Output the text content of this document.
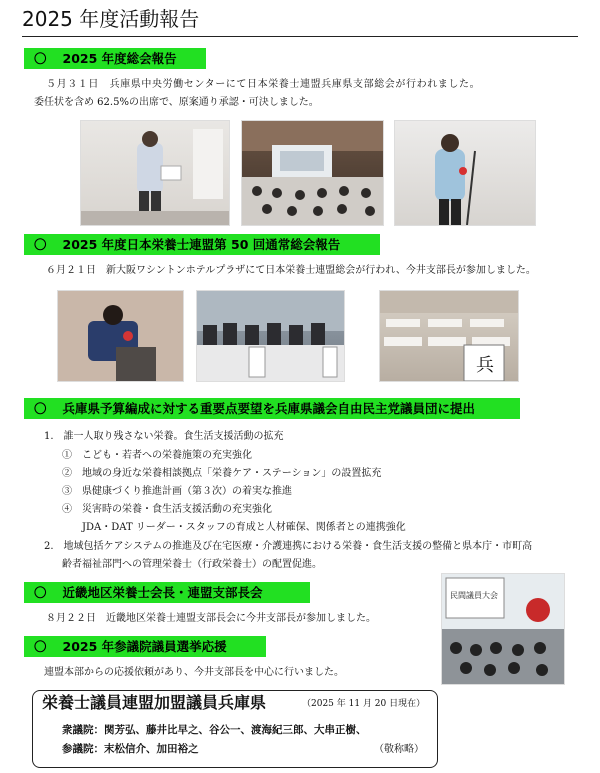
2025 年度活動報告
〇 2025 年度総会報告
５月３１日　兵庫県中央労働センターにて日本栄養士連盟兵庫県支部総会が行われました。
委任状を含め 62.5%の出席で、原案通り承認・可決しました。
〇 2025 年度日本栄養士連盟第 50 回通常総会報告
６月２１日　新大阪ワシントンホテルプラザにて日本栄養士連盟総会が行われ、今井支部長が参加しました。
兵
〇 兵庫県予算編成に対する重要点要望を兵庫県議会自由民主党議員団に提出
1.　誰一人取り残さない栄養。食生活支援活動の拡充
①　こども・若者への栄養施策の充実強化
②　地域の身近な栄養相談拠点「栄養ケア・ステーション」の設置拡充
③　県健康づくり推進計画（第３次）の着実な推進
④　災害時の栄養・食生活支援活動の充実強化
JDA・DAT リーダー・スタッフの育成と人材確保、関係者との連携強化
2.　地域包括ケアシステムの推進及び在宅医療・介護連携における栄養・食生活支援の整備と県本庁・市町高
齢者福祉部門への管理栄養士（行政栄養士）の配置促進。
〇 近畿地区栄養士会長・連盟支部長会
８月２２日　近畿地区栄養士連盟支部長会に今井支部長が参加しました。
民間議員大会
〇 2025 年参議院議員選挙応援
連盟本部からの応援依頼があり、今井支部長を中心に行いました。
栄養士議員連盟加盟議員兵庫県	（2025 年 11 月 20 日現在）
衆議院：関芳弘、藤井比早之、谷公一、渡海紀三郎、大串正樹、
参議院：末松信介、加田裕之	（敬称略）
